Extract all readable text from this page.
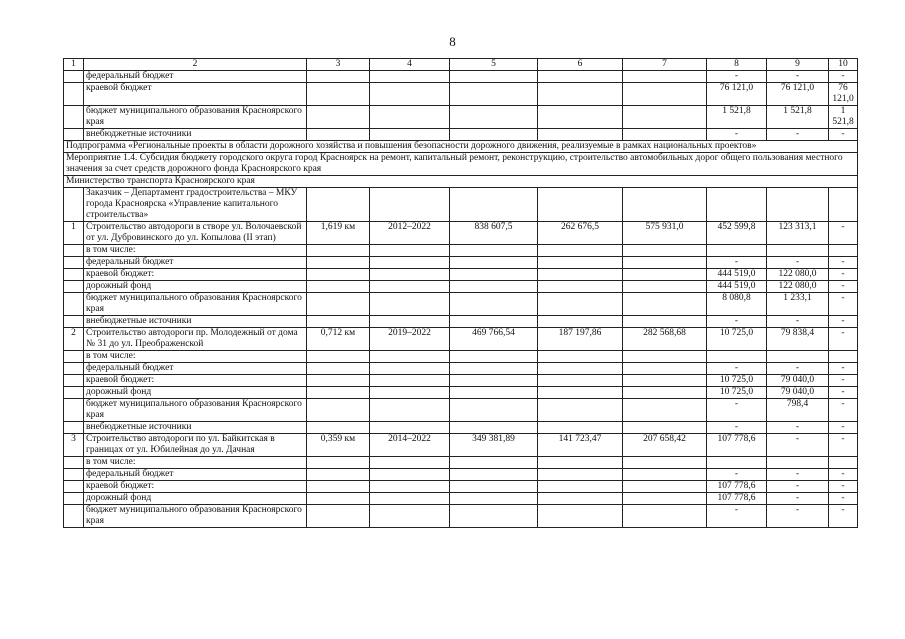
8
1	2	3	4	5	6	7	8	9	10
	федеральный бюджет						-	-	-
	краевой бюджет						76 121,0	76 121,0	76 121,0
	бюджет муниципального образования Красноярского края						1 521,8	1 521,8	1 521,8
	внебюджетные источники						-	-	-
Подпрограмма «Региональные проекты в области дорожного хозяйства и повышения безопасности дорожного движения, реализуемые в рамках национальных проектов»									
Мероприятие 1.4. Субсидия бюджету городского округа город Красноярск на ремонт, капитальный ремонт, реконструкцию, строительство автомобильных дорог общего пользования местного значения за счет средств дорожного фонда Красноярского края									
Министерство транспорта Красноярского края									
	Заказчик – Департамент градостроительства – МКУ города Красноярска «Управление капитального строительства»								
1	Строительство автодороги в створе ул. Волочаевской от ул. Дубровинского до ул. Копылова (II этап)	1,619 км	2012–2022	838 607,5	262 676,5	575 931,0	452 599,8	123 313,1	-
	в том числе:								
	федеральный бюджет						-	-	-
	краевой бюджет:						444 519,0	122 080,0	-
	дорожный фонд						444 519,0	122 080,0	-
	бюджет муниципального образования Красноярского края						8 080,8	1 233,1	-
	внебюджетные источники						-	-	-
2	Строительство автодороги пр. Молодежный от дома № 31 до ул. Преображенской	0,712 км	2019–2022	469 766,54	187 197,86	282 568,68	10 725,0	79 838,4	-
	в том числе:								
	федеральный бюджет						-	-	-
	краевой бюджет:						10 725,0	79 040,0	-
	дорожный фонд						10 725,0	79 040,0	-
	бюджет муниципального образования Красноярского края						-	798,4	-
	внебюджетные источники						-	-	-
3	Строительство автодороги по ул. Байкитская в границах от ул. Юбилейная до ул. Дачная	0,359 км	2014–2022	349 381,89	141 723,47	207 658,42	107 778,6	-	-
	в том числе:								
	федеральный бюджет						-	-	-
	краевой бюджет:						107 778,6	-	-
	дорожный фонд						107 778,6	-	-
	бюджет муниципального образования Красноярского края						-	-	-
